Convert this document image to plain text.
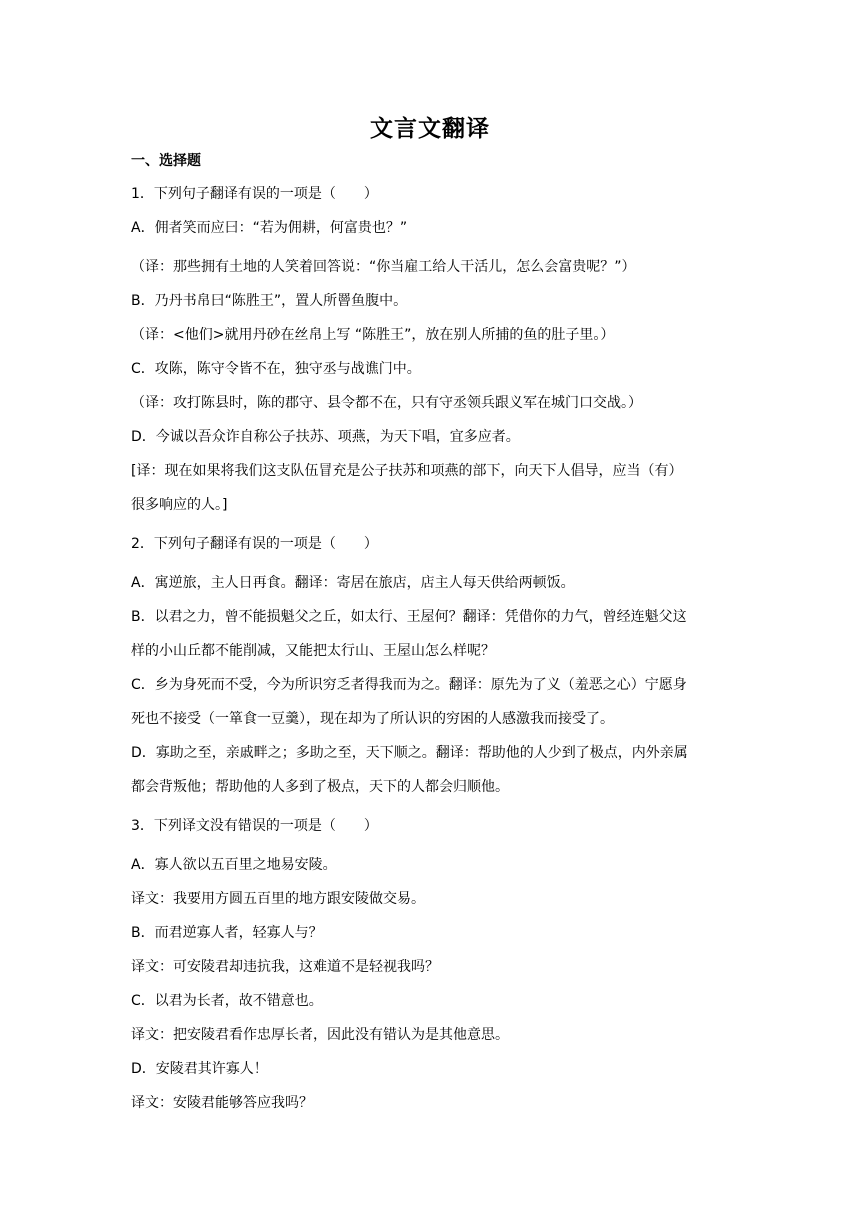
文言文翻译
一、选择题
1．下列句子翻译有误的一项是（　　）
A．佣者笑而应曰：“若为佣耕，何富贵也？”
（译：那些拥有土地的人笑着回答说：“你当雇工给人干活儿，怎么会富贵呢？”）
B．乃丹书帛曰“陈胜王”，置人所罾鱼腹中。
（译：<他们>就用丹砂在丝帛上写 “陈胜王”，放在别人所捕的鱼的肚子里。）
C．攻陈，陈守令皆不在，独守丞与战谯门中。
（译：攻打陈县时，陈的郡守、县令都不在，只有守丞领兵跟义军在城门口交战。）
D．今诚以吾众诈自称公子扶苏、项燕，为天下唱，宜多应者。
[译：现在如果将我们这支队伍冒充是公子扶苏和项燕的部下，向天下人倡导，应当（有）
很多响应的人。]
2．下列句子翻译有误的一项是（　　）
A．寓逆旅，主人日再食。翻译：寄居在旅店，店主人每天供给两顿饭。
B．以君之力，曾不能损魁父之丘，如太行、王屋何？翻译：凭借你的力气，曾经连魁父这
样的小山丘都不能削减，又能把太行山、王屋山怎么样呢？
C．乡为身死而不受，今为所识穷乏者得我而为之。翻译：原先为了义（羞恶之心）宁愿身
死也不接受（一箪食一豆羹），现在却为了所认识的穷困的人感激我而接受了。
D．寡助之至，亲戚畔之；多助之至，天下顺之。翻译：帮助他的人少到了极点，内外亲属
都会背叛他；帮助他的人多到了极点，天下的人都会归顺他。
3．下列译文没有错误的一项是（　　）
A．寡人欲以五百里之地易安陵。
译文：我要用方圆五百里的地方跟安陵做交易。
B．而君逆寡人者，轻寡人与？
译文：可安陵君却违抗我，这难道不是轻视我吗？
C．以君为长者，故不错意也。
译文：把安陵君看作忠厚长者，因此没有错认为是其他意思。
D．安陵君其许寡人！
译文：安陵君能够答应我吗？
